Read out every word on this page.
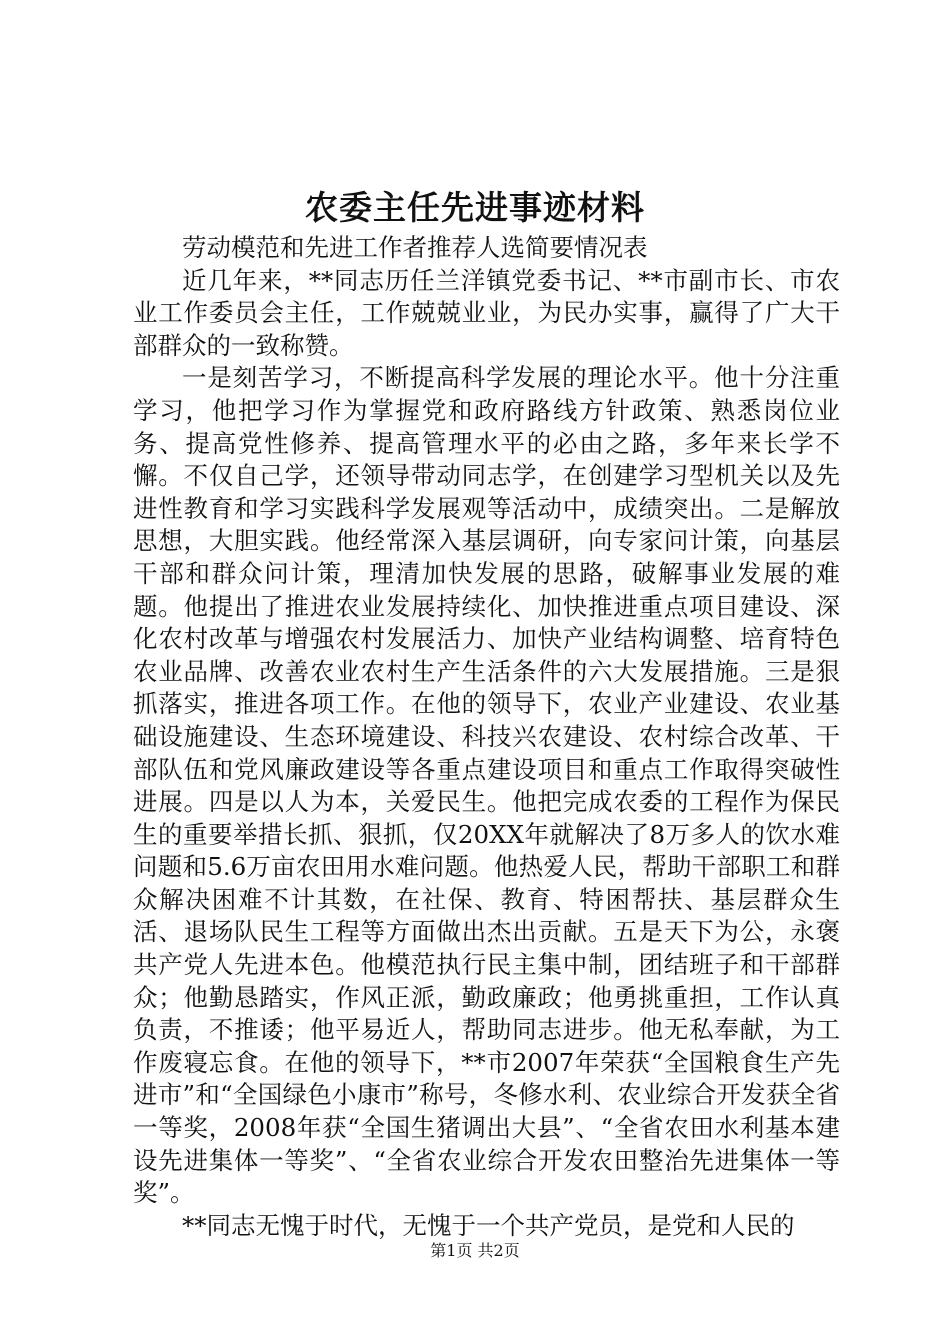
农委主任先进事迹材料

劳动模范和先进工作者推荐人选简要情况表

近几年来，**同志历任兰洋镇党委书记、**市副市长、市农业工作委员会主任，工作兢兢业业，为民办实事，赢得了广大干部群众的一致称赞。

一是刻苦学习，不断提高科学发展的理论水平。他十分注重学习，他把学习作为掌握党和政府路线方针政策、熟悉岗位业务、提高党性修养、提高管理水平的必由之路，多年来长学不懈。不仅自己学，还领导带动同志学，在创建学习型机关以及先进性教育和学习实践科学发展观等活动中，成绩突出。二是解放思想，大胆实践。他经常深入基层调研，向专家问计策，向基层干部和群众问计策，理清加快发展的思路，破解事业发展的难题。他提出了推进农业发展持续化、加快推进重点项目建设、深化农村改革与增强农村发展活力、加快产业结构调整、培育特色农业品牌、改善农业农村生产生活条件的六大发展措施。三是狠抓落实，推进各项工作。在他的领导下，农业产业建设、农业基础设施建设、生态环境建设、科技兴农建设、农村综合改革、干部队伍和党风廉政建设等各重点建设项目和重点工作取得突破性进展。四是以人为本，关爱民生。他把完成农委的工程作为保民生的重要举措长抓、狠抓，仅20XX年就解决了8万多人的饮水难问题和5.6万亩农田用水难问题。他热爱人民，帮助干部职工和群众解决困难不计其数，在社保、教育、特困帮扶、基层群众生活、退场队民生工程等方面做出杰出贡献。五是天下为公，永褒共产党人先进本色。他模范执行民主集中制，团结班子和干部群众；他勤恳踏实，作风正派，勤政廉政；他勇挑重担，工作认真负责，不推诿；他平易近人，帮助同志进步。他无私奉献，为工作废寝忘食。在他的领导下，**市2007年荣获“全国粮食生产先进市”和“全国绿色小康市”称号，冬修水利、农业综合开发获全省一等奖，2008年获“全国生猪调出大县”、“全省农田水利基本建设先进集体一等奖”、“全省农业综合开发农田整治先进集体一等奖”。

**同志无愧于时代，无愧于一个共产党员，是党和人民的

第1页 共2页
